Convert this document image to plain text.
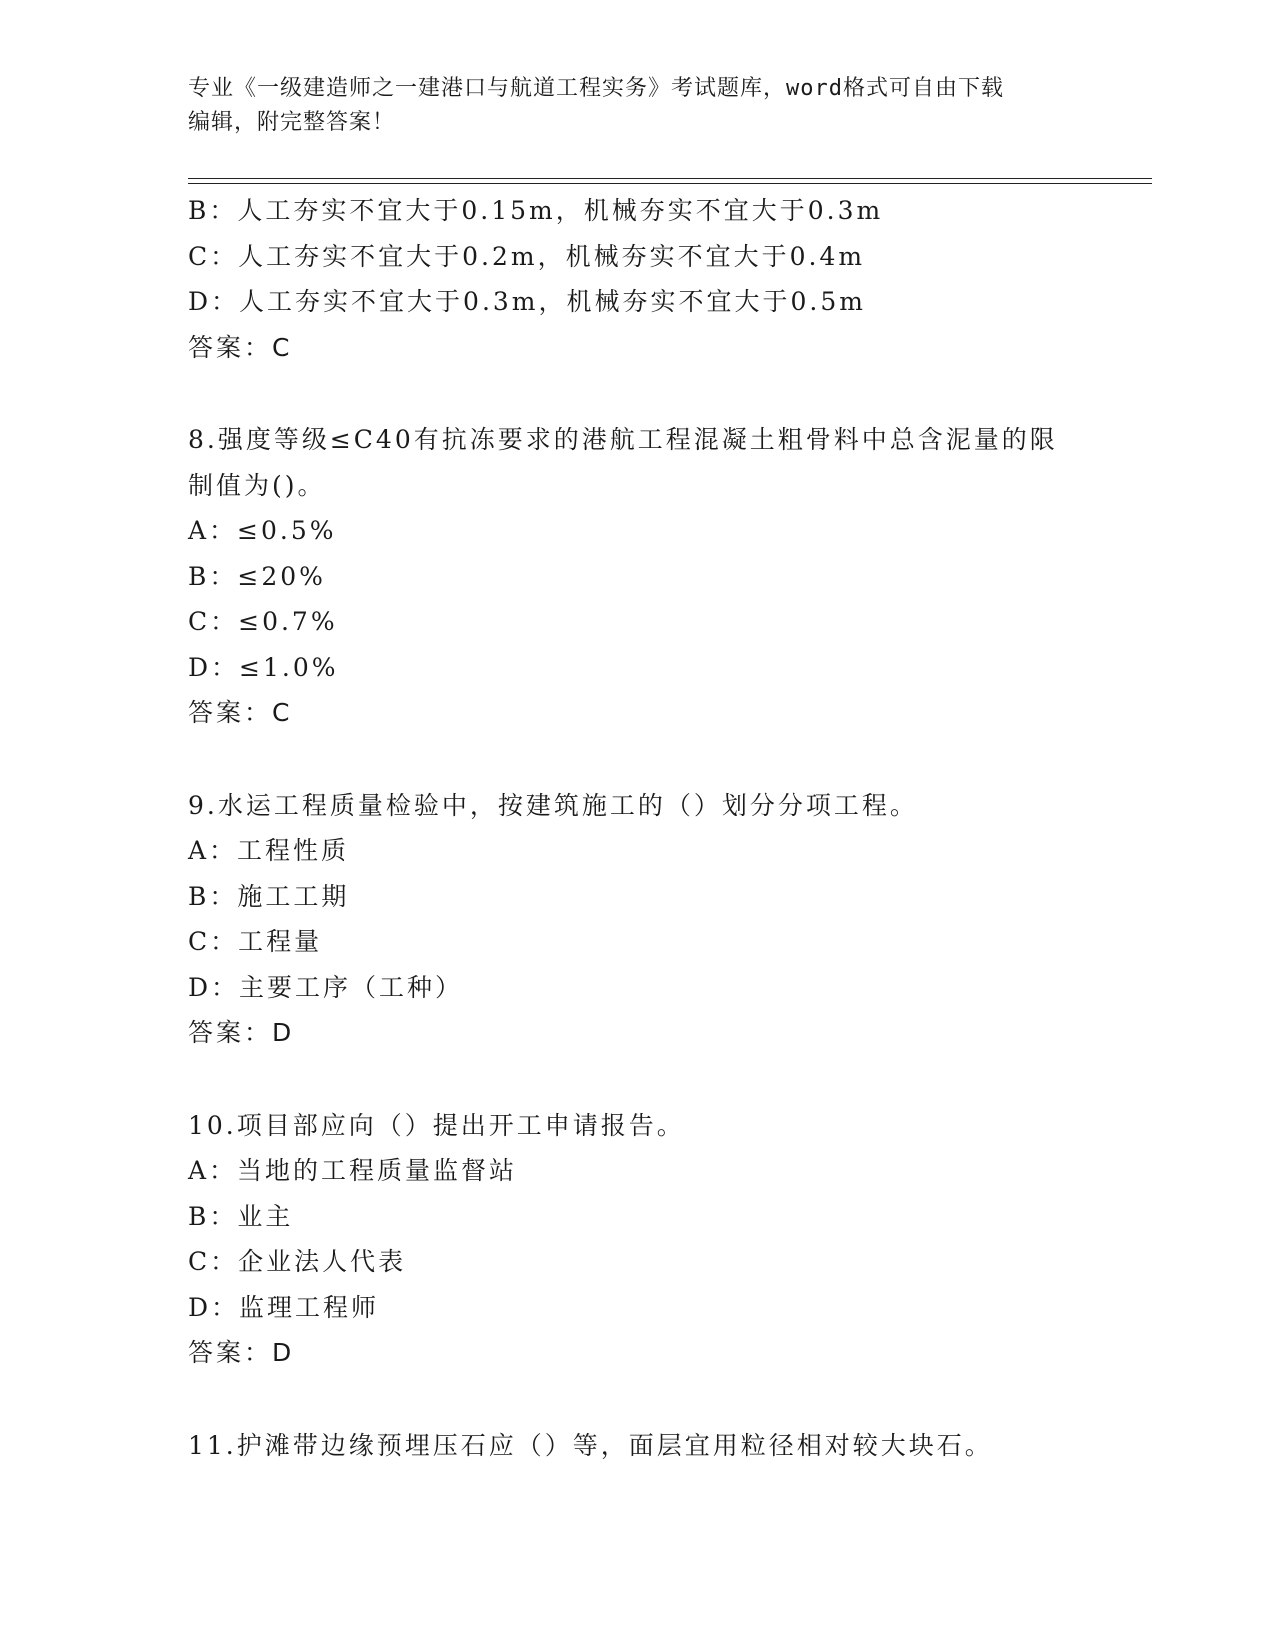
专业《一级建造师之一建港口与航道工程实务》考试题库，word格式可自由下载
编辑，附完整答案！
B：人工夯实不宜大于0.15m，机械夯实不宜大于0.3m
C：人工夯实不宜大于0.2m，机械夯实不宜大于0.4m
D：人工夯实不宜大于0.3m，机械夯实不宜大于0.5m
答案：C
8.强度等级≤C40有抗冻要求的港航工程混凝土粗骨料中总含泥量的限
制值为()。
A：≤0.5%
B：≤20%
C：≤0.7%
D：≤1.0%
答案：C
9.水运工程质量检验中，按建筑施工的（）划分分项工程。
A：工程性质
B：施工工期
C：工程量
D：主要工序（工种）
答案：D
10.项目部应向（）提出开工申请报告。
A：当地的工程质量监督站
B：业主
C：企业法人代表
D：监理工程师
答案：D
11.护滩带边缘预埋压石应（）等，面层宜用粒径相对较大块石。
